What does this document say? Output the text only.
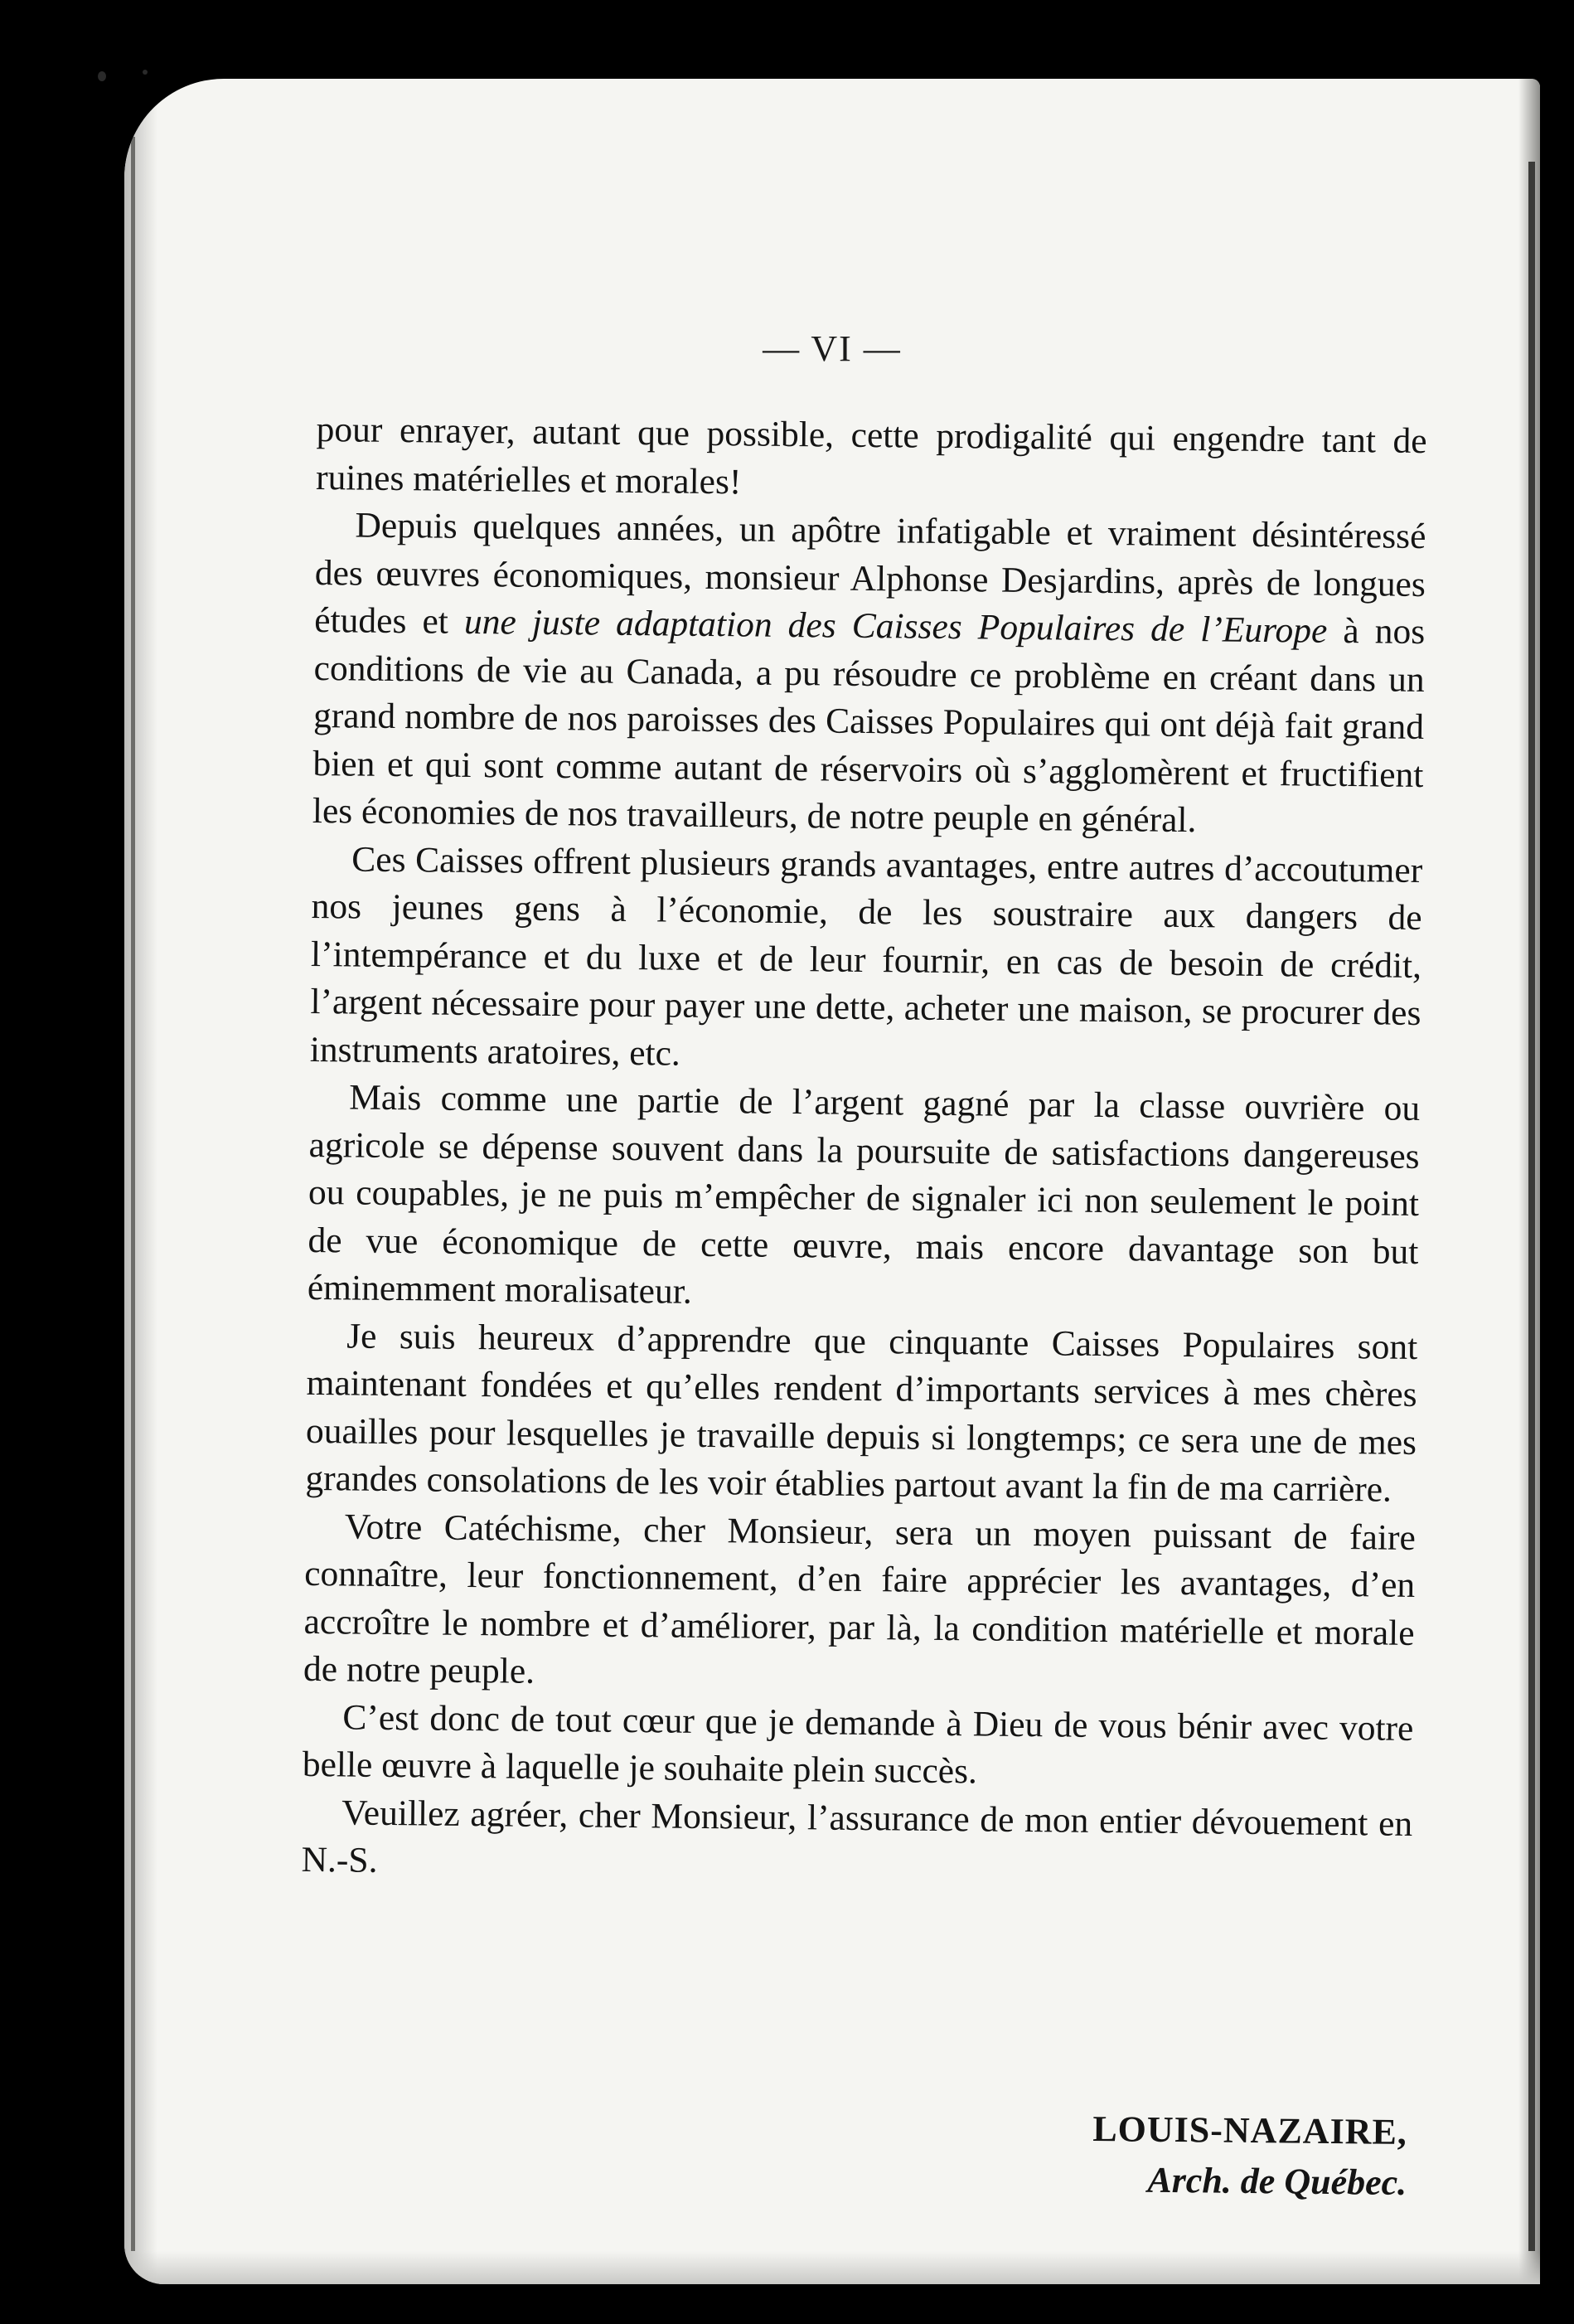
— VI —

pour enrayer, autant que possible, cette prodigalité qui engendre tant de ruines matérielles et morales!

Depuis quelques années, un apôtre infatigable et vraiment désintéressé des œuvres économiques, monsieur Alphonse Desjardins, après de longues études et une juste adaptation des Caisses Populaires de l’Europe à nos conditions de vie au Canada, a pu résoudre ce problème en créant dans un grand nombre de nos paroisses des Caisses Populaires qui ont déjà fait grand bien et qui sont comme autant de réservoirs où s’agglomèrent et fructifient les économies de nos travailleurs, de notre peuple en général.

Ces Caisses offrent plusieurs grands avantages, entre autres d’accoutumer nos jeunes gens à l’économie, de les soustraire aux dangers de l’intempérance et du luxe et de leur fournir, en cas de besoin de crédit, l’argent nécessaire pour payer une dette, acheter une maison, se procurer des instruments aratoires, etc.

Mais comme une partie de l’argent gagné par la classe ouvrière ou agricole se dépense souvent dans la poursuite de satisfactions dangereuses ou coupables, je ne puis m’empêcher de signaler ici non seulement le point de vue économique de cette œuvre, mais encore davantage son but éminemment moralisateur.

Je suis heureux d’apprendre que cinquante Caisses Populaires sont maintenant fondées et qu’elles rendent d’importants services à mes chères ouailles pour lesquelles je travaille depuis si longtemps; ce sera une de mes grandes consolations de les voir établies partout avant la fin de ma carrière.

Votre Catéchisme, cher Monsieur, sera un moyen puissant de faire connaître, leur fonctionnement, d’en faire apprécier les avantages, d’en accroître le nombre et d’améliorer, par là, la condition matérielle et morale de notre peuple.

C’est donc de tout cœur que je demande à Dieu de vous bénir avec votre belle œuvre à laquelle je souhaite plein succès.

Veuillez agréer, cher Monsieur, l’assurance de mon entier dévouement en N.-S.

LOUIS-NAZAIRE,
Arch. de Québec.
